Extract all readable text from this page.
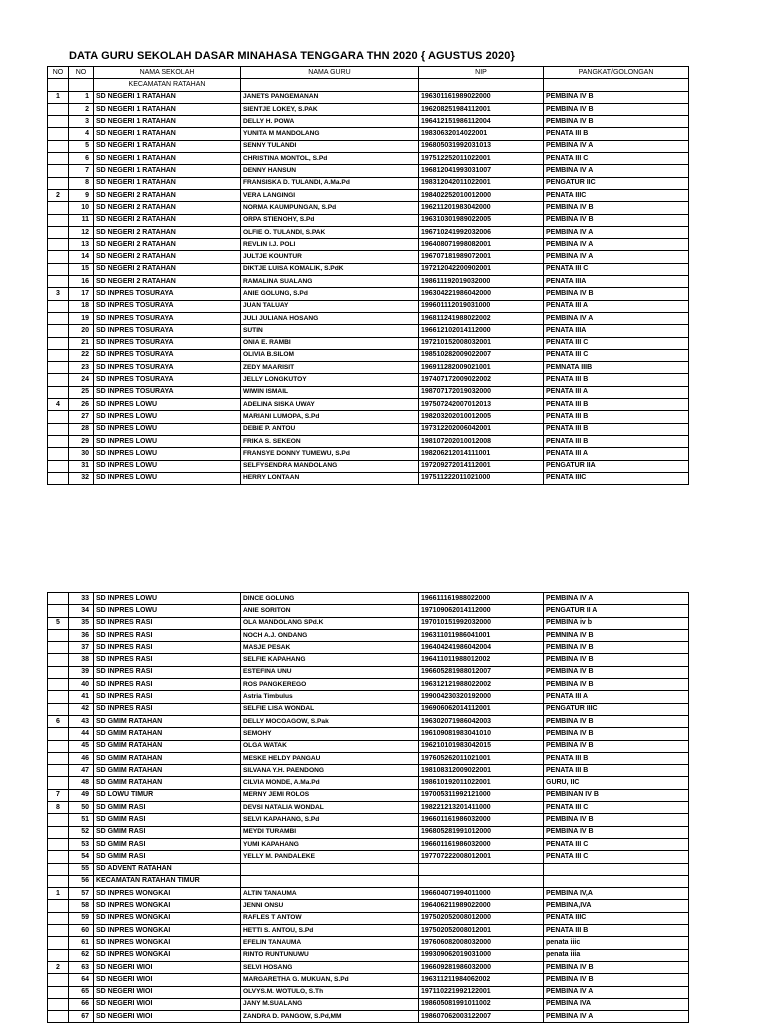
DATA GURU SEKOLAH DASAR MINAHASA TENGGARA THN 2020 { AGUSTUS 2020}
NO	NO	NAMA SEKOLAH	NAMA GURU	NIP	PANGKAT/GOLONGAN
		KECAMATAN RATAHAN			
1	1	SD NEGERI 1 RATAHAN	JANETS PANGEMANAN	196301161989022000	PEMBINA IV B
	2	SD NEGERI 1 RATAHAN	SIENTJE LOKEY, S.PAK	196208251984112001	PEMBINA IV B
	3	SD NEGERI 1 RATAHAN	DELLY H. POWA	196412151986112004	PEMBINA IV B
	4	SD NEGERI 1 RATAHAN	YUNITA M MANDOLANG	19830632014022001	PENATA III B
	5	SD NEGERI 1 RATAHAN	SENNY TULANDI	196805031992031013	PEMBINA IV A
	6	SD NEGERI 1 RATAHAN	CHRISTINA MONTOL, S.Pd	197512252011022001	PENATA III C
	7	SD NEGERI 1 RATAHAN	DENNY HANSUN	196812041993031007	PEMBINA IV A
	8	SD NEGERI 1 RATAHAN	FRANSISKA D. TULANDI, A.Ma.Pd	198312042011022001	PENGATUR IIC
2	9	SD NEGERI 2 RATAHAN	VERA LANGINGI	198402252010012000	PENATA IIIC
	10	SD NEGERI 2 RATAHAN	NORMA KAUMPUNGAN, S.Pd	196211201983042000	PEMBINA IV B
	11	SD NEGERI 2 RATAHAN	ORPA STIENOHY, S.Pd	196310301989022005	PEMBINA IV B
	12	SD NEGERI 2 RATAHAN	OLFIE O. TULANDI, S.PAK	196710241992032006	PEMBINA IV A
	13	SD NEGERI 2 RATAHAN	REVLIN I.J. POLI	196408071998082001	PEMBINA IV A
	14	SD NEGERI 2 RATAHAN	JULTJE KOUNTUR	196707181989072001	PEMBINA IV A
	15	SD NEGERI 2 RATAHAN	DIKTJE LUISA KOMALIK, S.PdK	197212042200902001	PENATA III C
	16	SD NEGERI 2 RATAHAN	RAMALINA SUALANG	198611192019032000	PENATA IIIA
3	17	SD INPRES TOSURAYA	ANIE GOLUNG, S.Pd	196304221986042000	PEMBINA IV B
	18	SD INPRES TOSURAYA	JUAN TALUAY	199601112019031000	PENATA III A
	19	SD INPRES TOSURAYA	JULI JULIANA HOSANG	196811241988022002	PEMBINA IV A
	20	SD INPRES TOSURAYA	SUTIN	196612102014112000	PENATA IIIA
	21	SD INPRES TOSURAYA	ONIA E. RAMBI	197210152008032001	PENATA III C
	22	SD INPRES TOSURAYA	OLIVIA B.SILOM	198510282009022007	PENATA III C
	23	SD INPRES TOSURAYA	ZEDY MAARISIT	196911282009021001	PEMNATA IIIB
	24	SD INPRES TOSURAYA	JELLY LONGKUTOY	197407172009022002	PENATA III B
	25	SD INPRES TOSURAYA	WIWIN ISMAIL	198707172019032000	PENATA III A
4	26	SD INPRES LOWU	ADELINA SISKA UWAY	197507242007012013	PENATA III B
	27	SD INPRES LOWU	MARIANI LUMOPA, S.Pd	198203202010012005	PENATA III B
	28	SD INPRES LOWU	DEBIE P. ANTOU	197312202006042001	PENATA III B
	29	SD INPRES LOWU	FRIKA S. SEKEON	198107202010012008	PENATA III B
	30	SD INPRES LOWU	FRANSYE DONNY TUMEWU, S.Pd	198206212014111001	PENATA III A
	31	SD INPRES LOWU	SELFYSENDRA MANDOLANG	197209272014112001	PENGATUR IIA
	32	SD INPRES LOWU	HERRY LONTAAN	197511222011021000	PENATA IIIC
	33	SD INPRES LOWU	DINCE GOLUNG	196611161988022000	PEMBINA IV A
	34	SD INPRES LOWU	ANIE SORITON	197109062014112000	PENGATUR II A
5	35	SD INPRES RASI	OLA MANDOLANG SPd.K	197010151992032000	PEMBINA iv b
	36	SD INPRES RASI	NOCH A.J. ONDANG	196311011986041001	PEMNINA IV B
	37	SD INPRES RASI	MASJE PESAK	196404241986042004	PEMBINA IV B
	38	SD INPRES RASI	SELFIE KAPAHANG	196411011988012002	PEMBINA IV B
	39	SD INPRES RASI	ESTEFINA UNU	196605281988012007	PEMBINA IV B
	40	SD INPRES RASI	ROS PANGKEREGO	196312121988022002	PEMBINA IV B
	41	SD INPRES RASI	Astria Timbulus	199004230320192000	PENATA III A
	42	SD INPRES RASI	SELFIE LISA WONDAL	196906062014112001	PENGATUR IIIC
6	43	SD GMIM RATAHAN	DELLY MOCOAGOW, S.Pak	196302071986042003	PEMBINA IV B
	44	SD GMIM RATAHAN	SEMOHY	196109081983041010	PEMBINA IV B
	45	SD GMIM RATAHAN	OLGA WATAK	196210101983042015	PEMBINA IV B
	46	SD GMIM RATAHAN	MESKE HELDY PANGAU	197605262011021001	PENATA III B
	47	SD GMIM RATAHAN	SILVANA Y.H. PAENDONG	198108312009022001	PENATA III B
	48	SD GMIM RATAHAN	CILVIA MONDE, A.Ma.Pd	198610192011022001	GURU, IIC
7	49	SD LOWU TIMUR	MERNY JEMI ROLOS	197005311992121000	PEMBINAN IV B
8	50	SD GMIM RASI	DEVSI NATALIA WONDAL	198221213201411000	PENATA III C
	51	SD GMIM RASI	SELVI KAPAHANG, S.Pd	196601161986032000	PEMBINA IV B
	52	SD GMIM RASI	MEYDI TURAMBI	196805281991012000	PEMBINA IV B
	53	SD GMIM RASI	YUMI KAPAHANG	196601161986032000	PENATA III C
	54	SD GMIM RASI	YELLY M. PANDALEKE	197707222008012001	PENATA III C
	55	SD ADVENT RATAHAN			
	56	KECAMATAN RATAHAN TIMUR			
1	57	SD INPRES WONGKAI	ALTIN TANAUMA	196604071994011000	PEMBINA IV,A
	58	SD INPRES WONGKAI	JENNI ONSU	196406211989022000	PEMBINA,IVA
	59	SD INPRES WONGKAI	RAFLES T ANTOW	197502052008012000	PENATA IIIC
	60	SD INPRES WONGKAI	HETTI S. ANTOU, S.Pd	197502052008012001	PENATA III B
	61	SD INPRES WONGKAI	EFELIN TANAUMA	197606082008032000	penata iiic
	62	SD INPRES WONGKAI	RINTO RUNTUNUWU	199309062019031000	penata iiia
2	63	SD NEGERI WIOI	SELVI HOSANG	196609281986032000	PEMBINA IV B
	64	SD NEGERI WIOI	MARGARETHA G. MUKUAN, S.Pd	196311211984062002	PEMBINA IV B
	65	SD NEGERI WIOI	OLVYS.M. WOTULO, S.Th	197110221992122001	PEMBINA IV A
	66	SD NEGERI WIOI	JANY M.SUALANG	198605081991011002	PEMBINA IVA
	67	SD NEGERI WIOI	ZANDRA D. PANGOW, S.Pd,MM	198607062003122007	PEMBINA IV A
